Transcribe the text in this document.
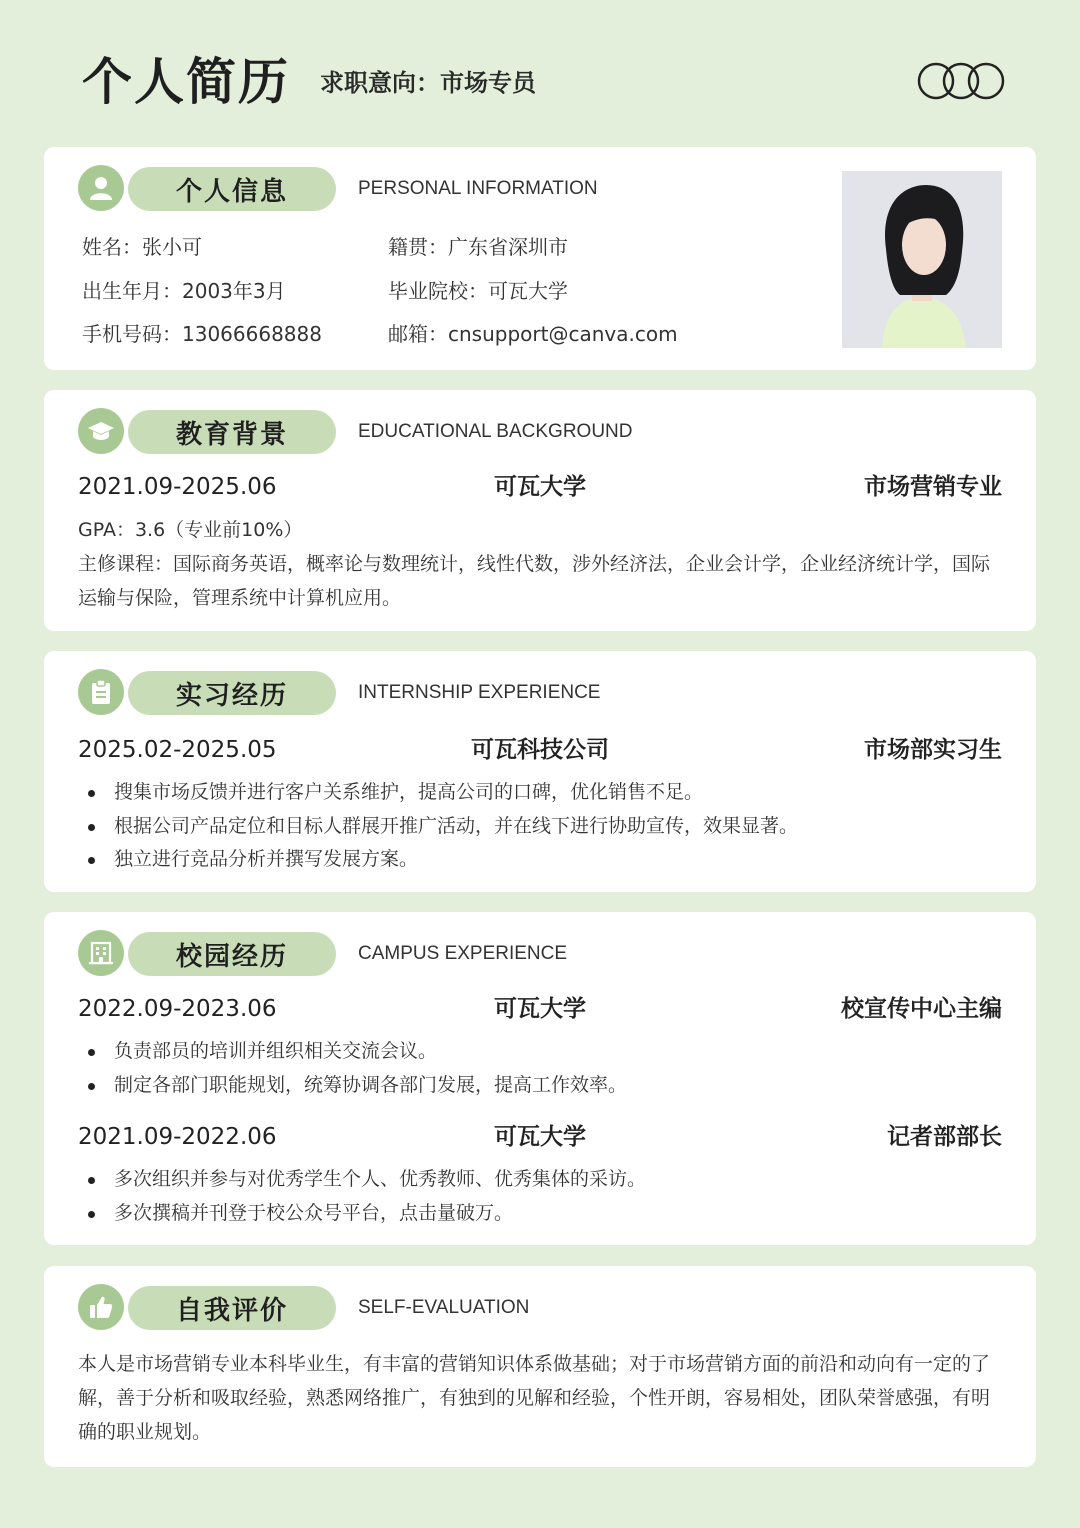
个人简历 求职意向：市场专员
个人信息	PERSONAL INFORMATION
姓名：张小可
出生年月：2003年3月
手机号码：13066668888
籍贯：广东省深圳市
毕业院校：可瓦大学
邮箱：cnsupport@canva.com
教育背景	EDUCATIONAL BACKGROUND
2021.09-2025.06	可瓦大学	市场营销专业
GPA：3.6（专业前10%）
主修课程：国际商务英语，概率论与数理统计，线性代数，涉外经济法，企业会计学，企业经济统计学，国际运输与保险，管理系统中计算机应用。
实习经历	INTERNSHIP EXPERIENCE
2025.02-2025.05	可瓦科技公司	市场部实习生
搜集市场反馈并进行客户关系维护，提高公司的口碑，优化销售不足。
根据公司产品定位和目标人群展开推广活动，并在线下进行协助宣传，效果显著。
独立进行竞品分析并撰写发展方案。
校园经历	CAMPUS EXPERIENCE
2022.09-2023.06	可瓦大学	校宣传中心主编
负责部员的培训并组织相关交流会议。
制定各部门职能规划，统筹协调各部门发展，提高工作效率。
2021.09-2022.06	可瓦大学	记者部部长
多次组织并参与对优秀学生个人、优秀教师、优秀集体的采访。
多次撰稿并刊登于校公众号平台，点击量破万。
自我评价	SELF-EVALUATION
本人是市场营销专业本科毕业生，有丰富的营销知识体系做基础；对于市场营销方面的前沿和动向有一定的了解，善于分析和吸取经验，熟悉网络推广，有独到的见解和经验，个性开朗，容易相处，团队荣誉感强，有明确的职业规划。
